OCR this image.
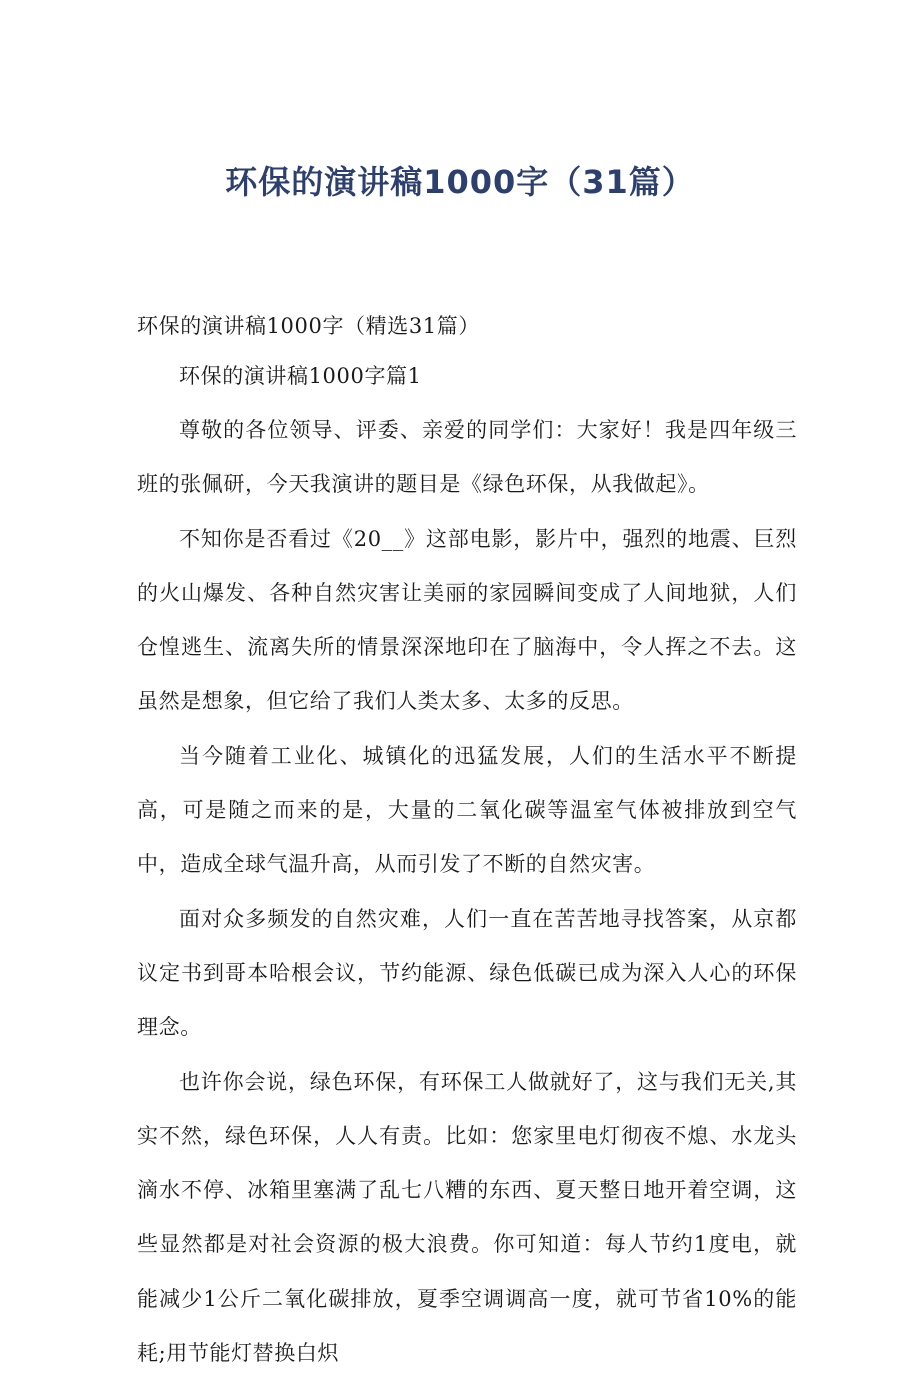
环保的演讲稿1000字（31篇）
环保的演讲稿1000字（精选31篇）
环保的演讲稿1000字篇1

尊敬的各位领导、评委、亲爱的同学们：大家好！我是四年级三班的张佩研，今天我演讲的题目是《绿色环保，从我做起》。

不知你是否看过《20__》这部电影，影片中，强烈的地震、巨烈的火山爆发、各种自然灾害让美丽的家园瞬间变成了人间地狱，人们仓惶逃生、流离失所的情景深深地印在了脑海中，令人挥之不去。这虽然是想象，但它给了我们人类太多、太多的反思。

当今随着工业化、城镇化的迅猛发展，人们的生活水平不断提高，可是随之而来的是，大量的二氧化碳等温室气体被排放到空气中，造成全球气温升高，从而引发了不断的自然灾害。

面对众多频发的自然灾难，人们一直在苦苦地寻找答案，从京都议定书到哥本哈根会议，节约能源、绿色低碳已成为深入人心的环保理念。

也许你会说，绿色环保，有环保工人做就好了，这与我们无关,其实不然，绿色环保，人人有责。比如：您家里电灯彻夜不熄、水龙头滴水不停、冰箱里塞满了乱七八糟的东西、夏天整日地开着空调，这些显然都是对社会资源的极大浪费。你可知道：每人节约1度电，就能减少1公斤二氧化碳排放，夏季空调调高一度，就可节省10%的能耗;用节能灯替换白炽
